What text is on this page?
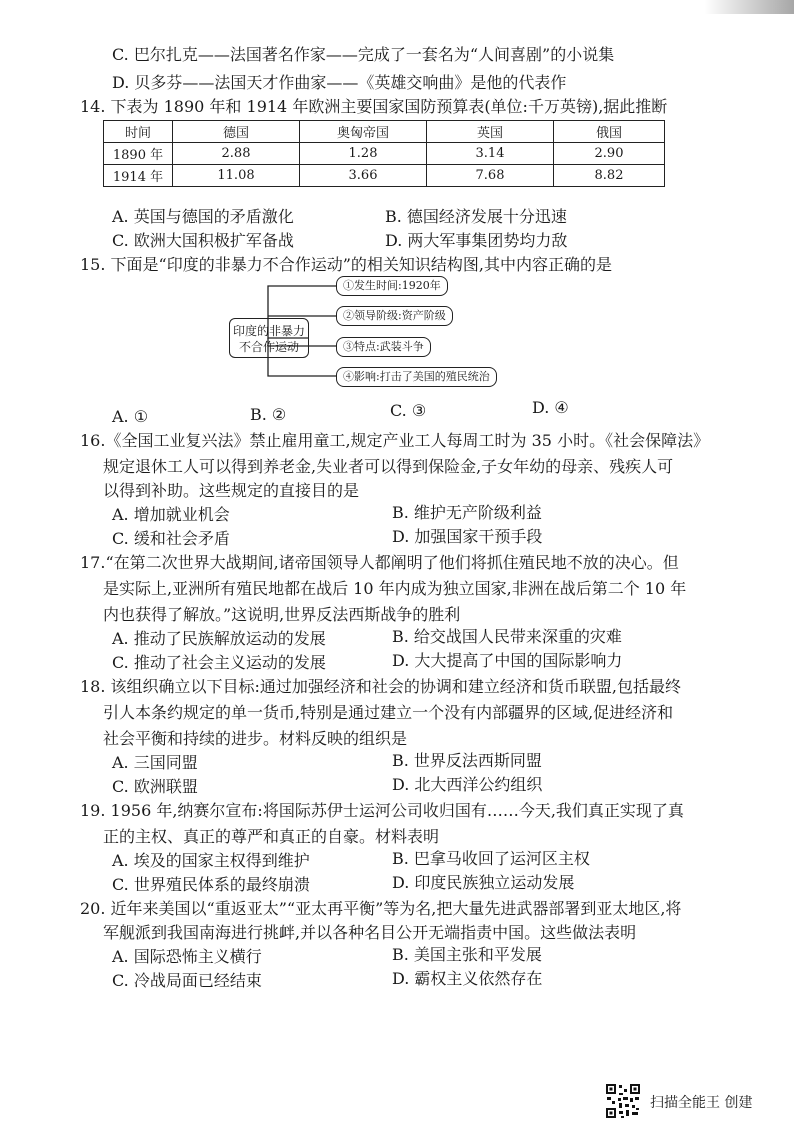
C. 巴尔扎克——法国著名作家——完成了一套名为“人间喜剧”的小说集
D. 贝多芬——法国天才作曲家——《英雄交响曲》是他的代表作
14. 下表为 1890 年和 1914 年欧洲主要国家国防预算表(单位:千万英镑),据此推断
时间	德国	奥匈帝国	英国	俄国
1890 年	2.88	1.28	3.14	2.90
1914 年	11.08	3.66	7.68	8.82
A. 英国与德国的矛盾激化	B. 德国经济发展十分迅速
C. 欧洲大国积极扩军备战	D. 两大军事集团势均力敌
15. 下面是“印度的非暴力不合作运动”的相关知识结构图,其中内容正确的是
印度的非暴力
不合作运动
①发生时间:1920年
②领导阶级:资产阶级
③特点:武装斗争
④影响:打击了美国的殖民统治
A. ①	B. ②	C. ③	D. ④
16.《全国工业复兴法》禁止雇用童工,规定产业工人每周工时为 35 小时。《社会保障法》
规定退休工人可以得到养老金,失业者可以得到保险金,子女年幼的母亲、残疾人可
以得到补助。这些规定的直接目的是
A. 增加就业机会	B. 维护无产阶级利益
C. 缓和社会矛盾	D. 加强国家干预手段
17.“在第二次世界大战期间,诸帝国领导人都阐明了他们将抓住殖民地不放的决心。但
是实际上,亚洲所有殖民地都在战后 10 年内成为独立国家,非洲在战后第二个 10 年
内也获得了解放。”这说明,世界反法西斯战争的胜利
A. 推动了民族解放运动的发展	B. 给交战国人民带来深重的灾难
C. 推动了社会主义运动的发展	D. 大大提高了中国的国际影响力
18. 该组织确立以下目标:通过加强经济和社会的协调和建立经济和货币联盟,包括最终
引人本条约规定的单一货币,特别是通过建立一个没有内部疆界的区域,促进经济和
社会平衡和持续的进步。材料反映的组织是
A. 三国同盟	B. 世界反法西斯同盟
C. 欧洲联盟	D. 北大西洋公约组织
19. 1956 年,纳赛尔宣布:将国际苏伊士运河公司收归国有……今天,我们真正实现了真
正的主权、真正的尊严和真正的自豪。材料表明
A. 埃及的国家主权得到维护	B. 巴拿马收回了运河区主权
C. 世界殖民体系的最终崩溃	D. 印度民族独立运动发展
20. 近年来美国以“重返亚太”“亚太再平衡”等为名,把大量先进武器部署到亚太地区,将
军舰派到我国南海进行挑衅,并以各种名目公开无端指责中国。这些做法表明
A. 国际恐怖主义横行	B. 美国主张和平发展
C. 冷战局面已经结束	D. 霸权主义依然存在
扫描全能王 创建
